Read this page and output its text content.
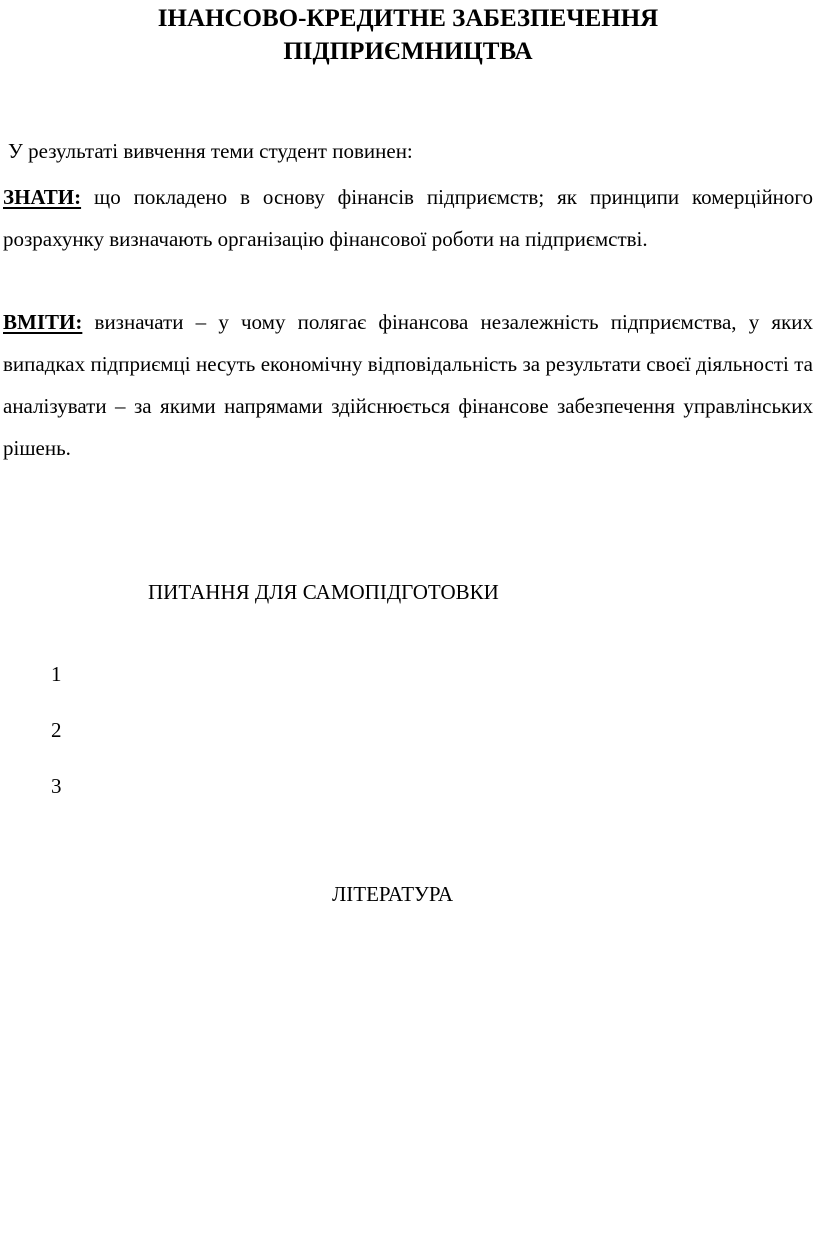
ІНАНСОВО-КРЕДИТНЕ ЗАБЕЗПЕЧЕННЯ
ПІДПРИЄМНИЦТВА
У результаті вивчення теми студент повинен:
ЗНАТИ: що покладено в основу фінансів підприємств; як принципи комерційного розрахунку визначають організацію фінансової роботи на підприємстві.
ВМІТИ: визначати – у чому полягає фінансова незалежність підприємства, у яких випадках підприємці несуть економічну відповідальність за результати своєї діяльності та аналізувати – за якими напрямами здійснюється фінансове забезпечення управлінських рішень.
ПИТАННЯ ДЛЯ САМОПІДГОТОВКИ
1
2
3
ЛІТЕРАТУРА
